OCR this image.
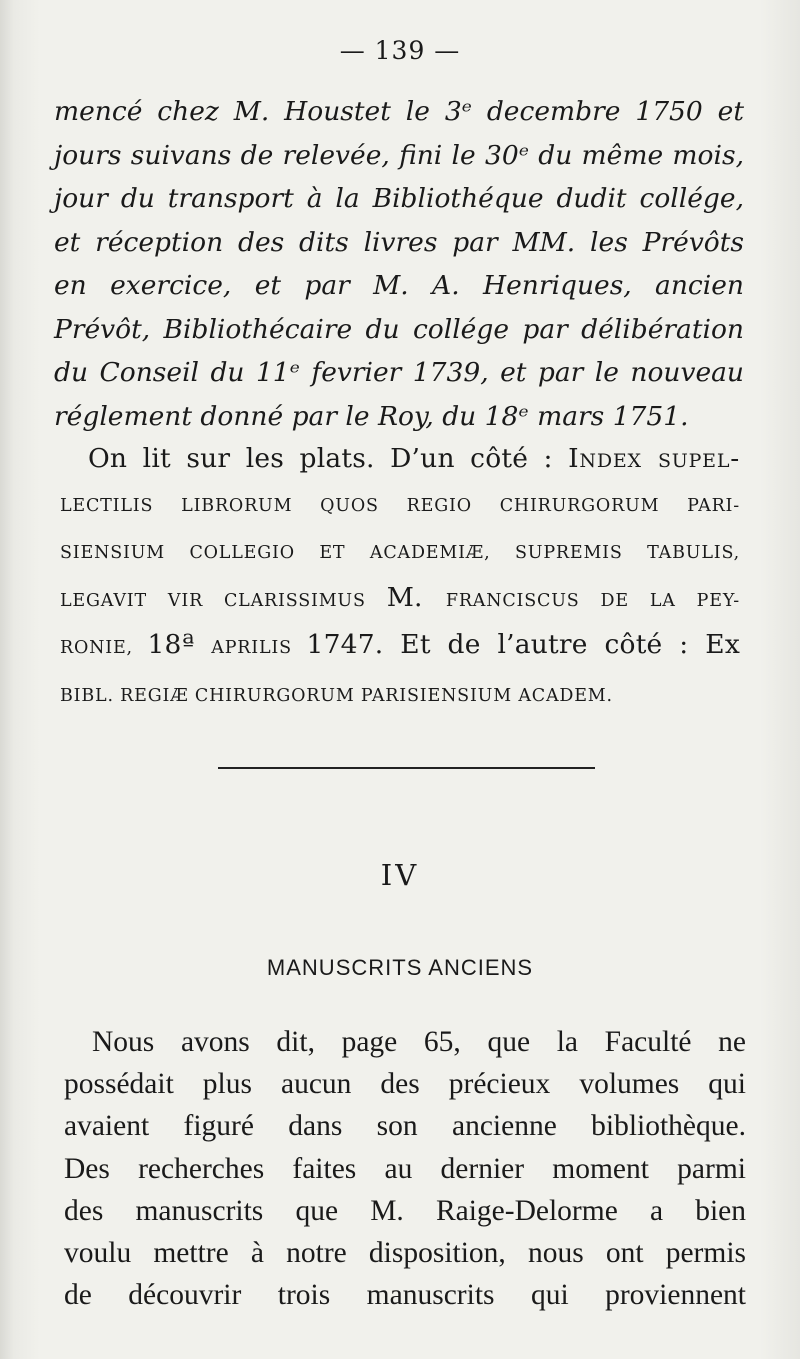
— 139 —
mencé chez M. Houstet le 3ᵉ decembre 1750 et
jours suivans de relevée, fini le 30ᵉ du même mois,
jour du transport à la Bibliothéque dudit collége,
et réception des dits livres par MM. les Prévôts
en exercice, et par M. A. Henriques, ancien
Prévôt, Bibliothécaire du collége par délibération
du Conseil du 11ᵉ fevrier 1739, et par le nouveau
réglement donné par le Roy, du 18ᵉ mars 1751.
On lit sur les plats. D’un côté : Index supel-
LECTILIS LIBRORUM QUOS REGIO CHIRURGORUM PARI-
SIENSIUM COLLEGIO ET ACADEMIÆ, SUPREMIS TABULIS,
LEGAVIT VIR CLARISSIMUS M. FRANCISCUS DE LA PEY-
RONIE, 18ª APRILIS 1747. Et de l’autre côté : Ex
BIBL. REGIÆ CHIRURGORUM PARISIENSIUM ACADEM.
IV
MANUSCRITS ANCIENS
Nous avons dit, page 65, que la Faculté ne
possédait plus aucun des précieux volumes qui
avaient figuré dans son ancienne bibliothèque.
Des recherches faites au dernier moment parmi
des manuscrits que M. Raige-Delorme a bien
voulu mettre à notre disposition, nous ont permis
de découvrir trois manuscrits qui proviennent
